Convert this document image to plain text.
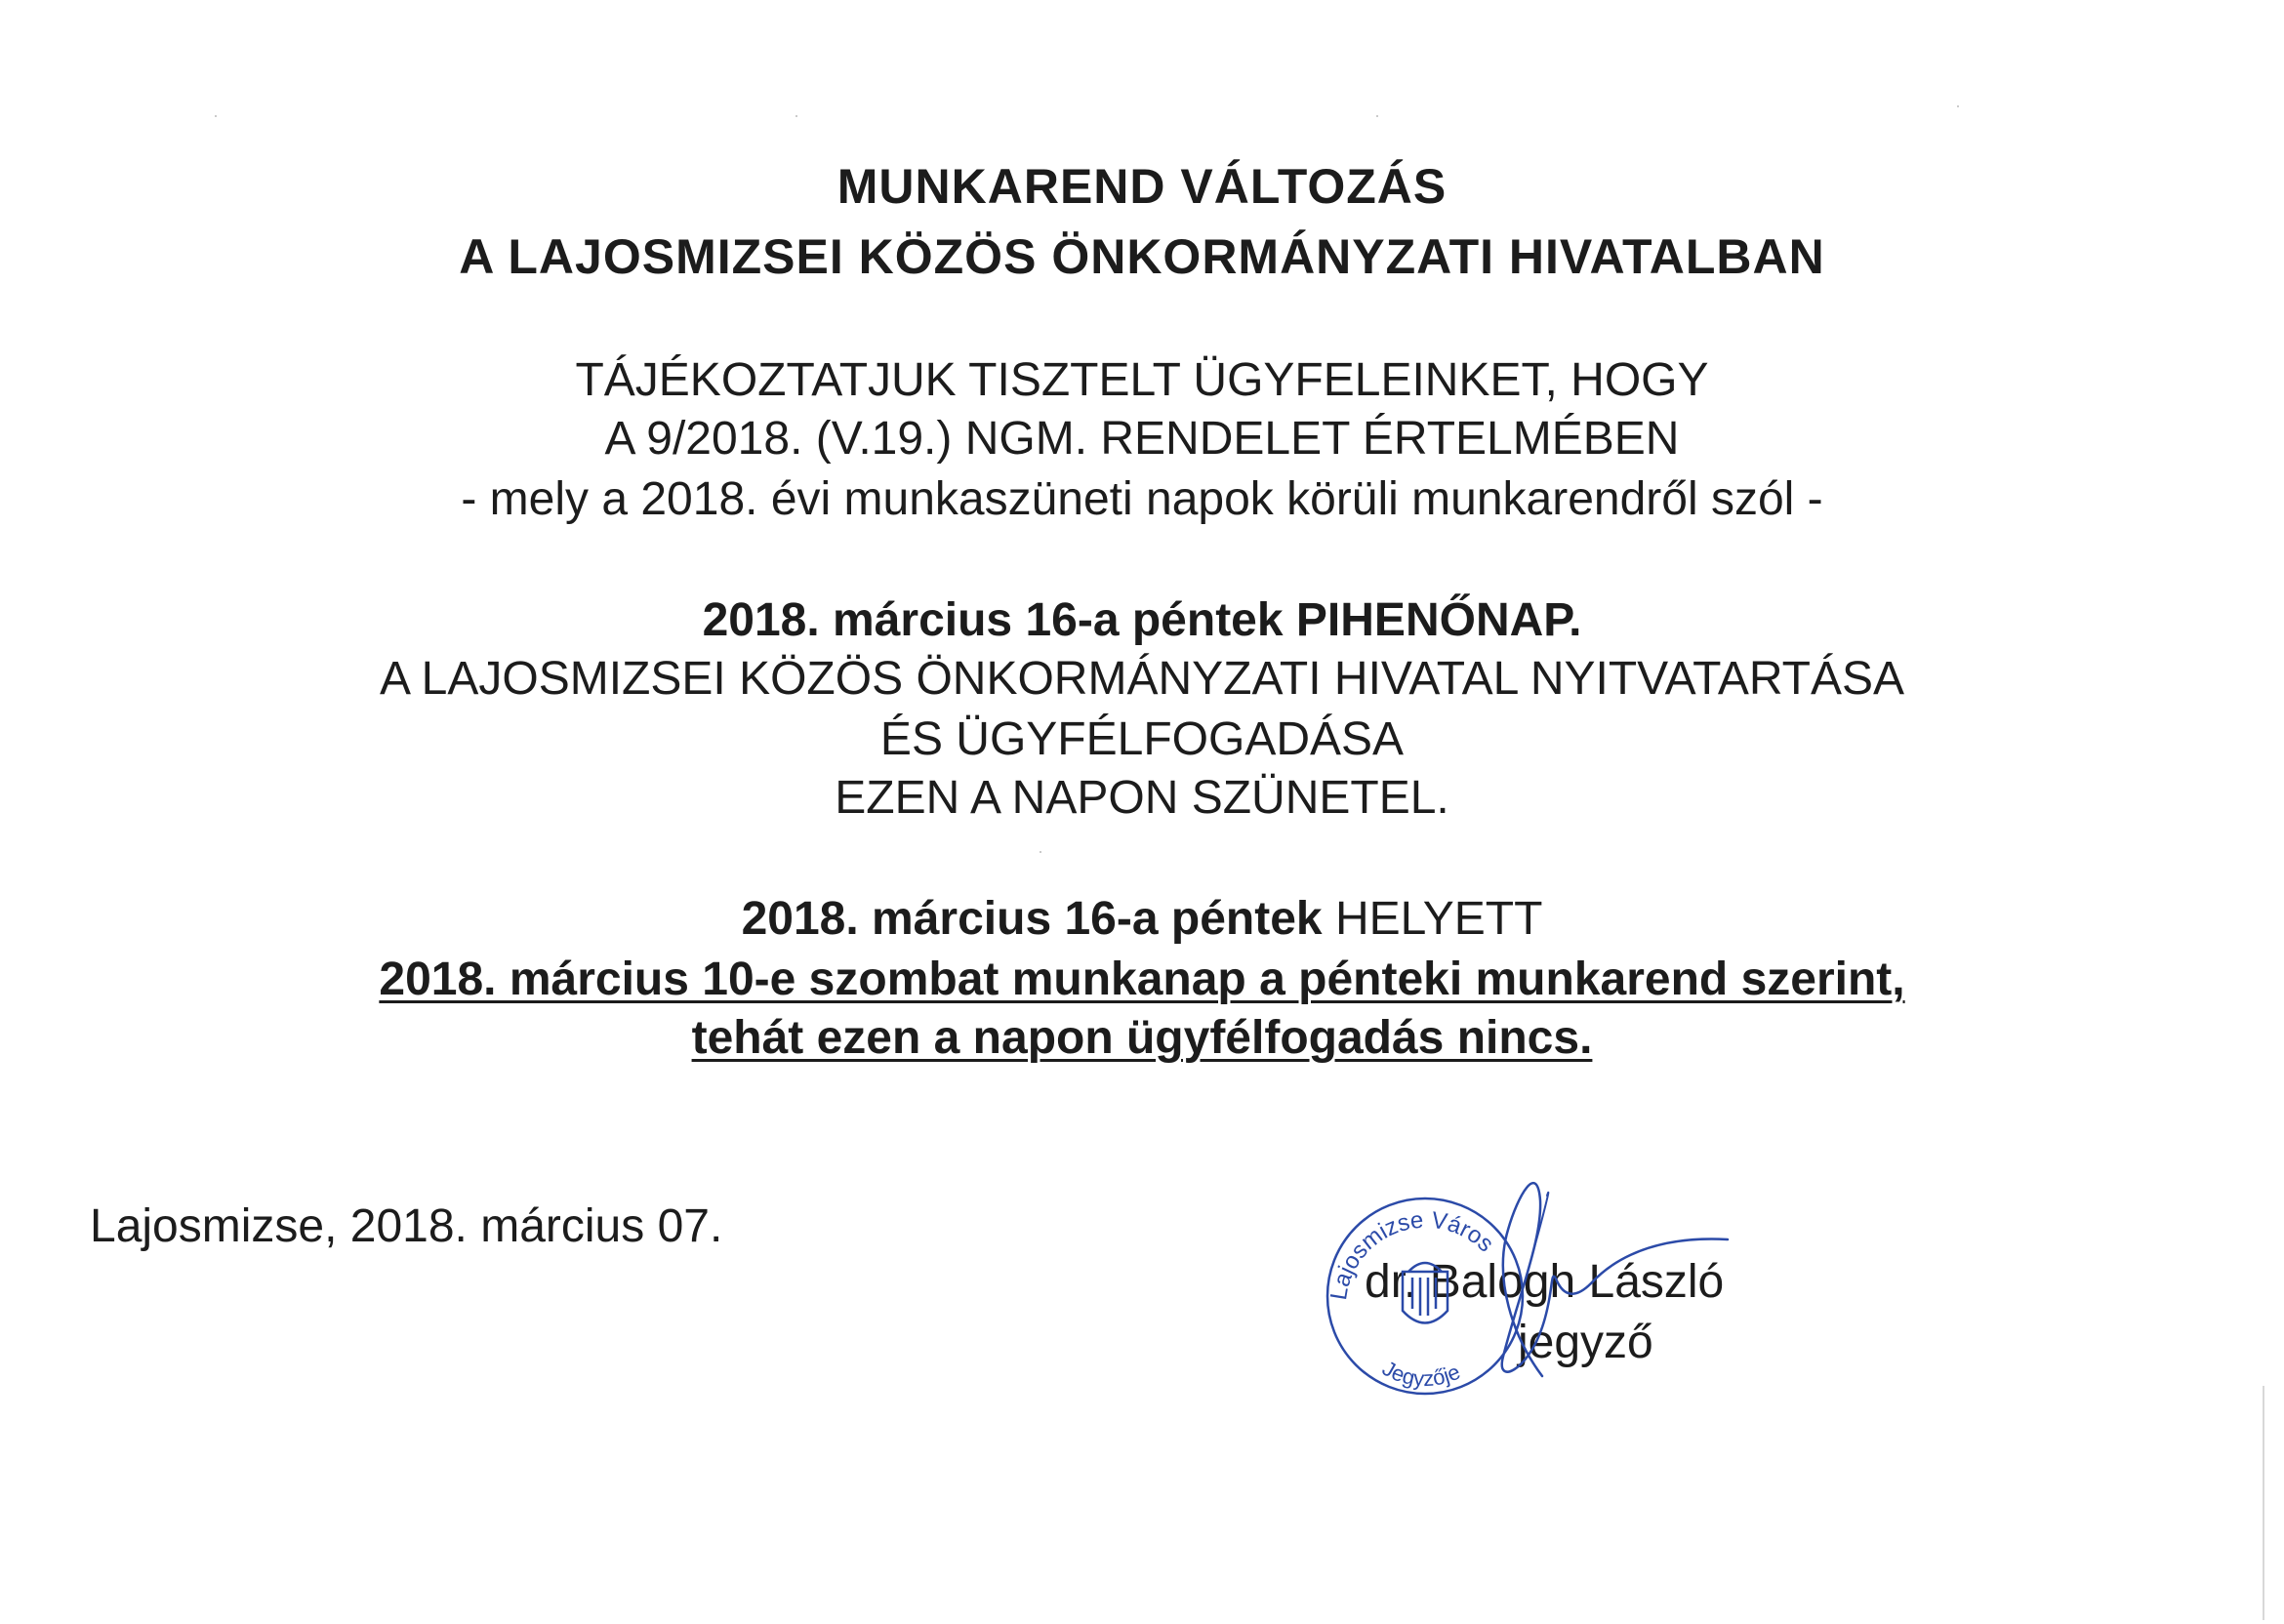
MUNKAREND VÁLTOZÁS
A LAJOSMIZSEI KÖZÖS ÖNKORMÁNYZATI HIVATALBAN
TÁJÉKOZTATJUK TISZTELT ÜGYFELEINKET, HOGY
A 9/2018. (V.19.) NGM. RENDELET ÉRTELMÉBEN
- mely a 2018. évi munkaszüneti napok körüli munkarendről szól -
2018. március 16-a péntek PIHENŐNAP.
A LAJOSMIZSEI KÖZÖS ÖNKORMÁNYZATI HIVATAL NYITVATARTÁSA
ÉS ÜGYFÉLFOGADÁSA
EZEN A NAPON SZÜNETEL.
2018. március 16-a péntek HELYETT
2018. március 10-e szombat munkanap a pénteki munkarend szerint,
tehát ezen a napon ügyfélfogadás nincs.
Lajosmizse, 2018. március 07.
dr. Balogh László
jegyző
Lajosmizse Város
Jegyzője
